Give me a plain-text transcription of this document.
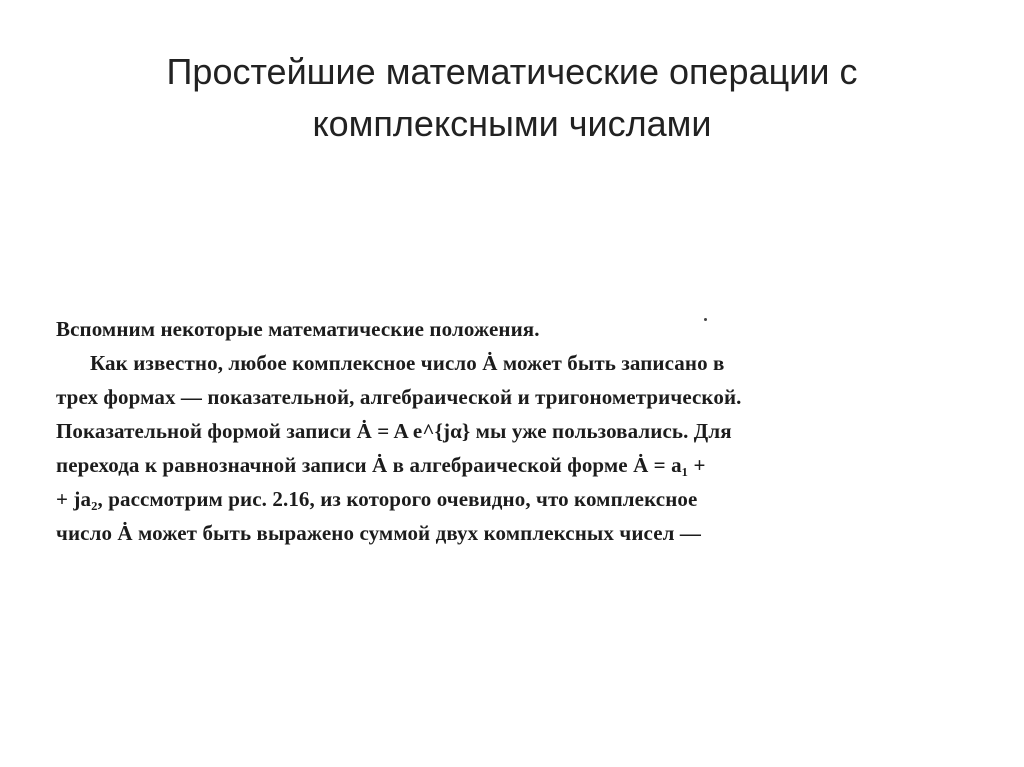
Простейшие математические операции с
комплексными числами
Вспомним некоторые математические положения.
Как известно, любое комплексное число Ȧ может быть записано в
трех формах — показательной, алгебраической и тригонометрической.
Показательной формой записи Ȧ = A e^{jα} мы уже пользовались. Для
перехода к равнозначной записи Ȧ в алгебраической форме Ȧ = a₁ +
+ ja₂, рассмотрим рис. 2.16, из которого очевидно, что комплексное
число Ȧ может быть выражено суммой двух комплексных чисел —
